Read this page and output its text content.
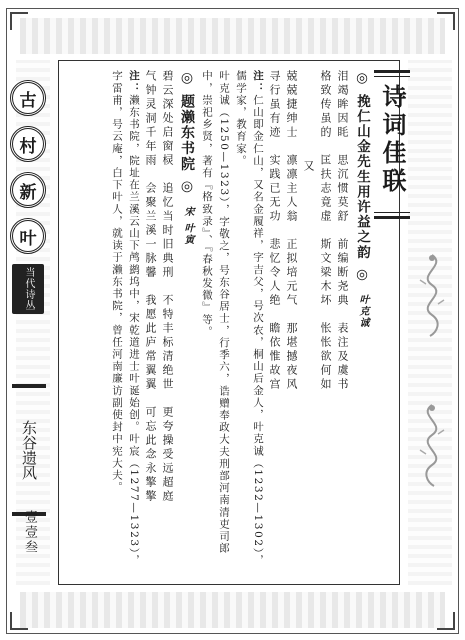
古
村
新
叶
当代诗丛
东谷遗风
壹壹叁
诗词佳联
◎ 挽仁山金先生用许益之韵 ◎叶克诚
泪竭眸因眊　思沉惯莫舒　前编断尧典　表注及虞书
格致传虽的　匡扶志竟虚　斯文梁木坏　怅怅欲何如
又
兢兢捷绅士　凛凛主人翁　正拟培元气　那堪撼夜风
寻行虽有迹　实践已无功　悲忆令人绝　瞻依惟故宫
注：仁山即金仁山，又名金履祥，字吉父，号次农，桐山后金人，叶克诚（1232—1302），儒学家，教育家。
叶克诚（1250—1323），字敬之，号东谷居士，行季六，诰赠奉政大夫刑部河南清吏司郎中，崇祀乡贤，著有『格致录』、『春秋发微』等。
◎ 题濑东书院 ◎宋 叶寅
碧云深处启窗棂　追忆当时旧典刑　不特丰标清绝世　更夸操受远超庭
气钟灵洞千年雨　会聚兰溪一脉馨　我愿此庐常翼翼　可忘此念永擎擎
注：濑东书院，院址在兰溪云山下鸬鹚坞中，宋乾道进士叶诞始创。叶宸（1277—1323），字雷甫，号云庵，白下叶人，就读于濑东书院，曾任河南廉访副使封中宪大夫。
